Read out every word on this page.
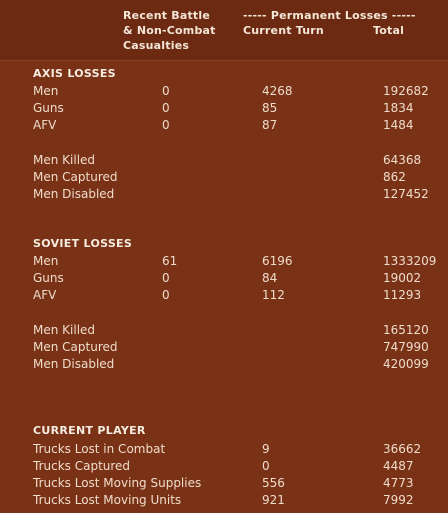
Recent Battle
& Non-Combat
Casualties
----- Permanent Losses -----
Current Turn	Total
AXIS LOSSES
Men	0	4268	192682
Guns	0	85	1834
AFV	0	87	1484
Men Killed	64368
Men Captured	862
Men Disabled	127452
SOVIET LOSSES
Men	61	6196	1333209
Guns	0	84	19002
AFV	0	112	11293
Men Killed	165120
Men Captured	747990
Men Disabled	420099
CURRENT PLAYER
Trucks Lost in Combat	9	36662
Trucks Captured	0	4487
Trucks Lost Moving Supplies	556	4773
Trucks Lost Moving Units	921	7992
